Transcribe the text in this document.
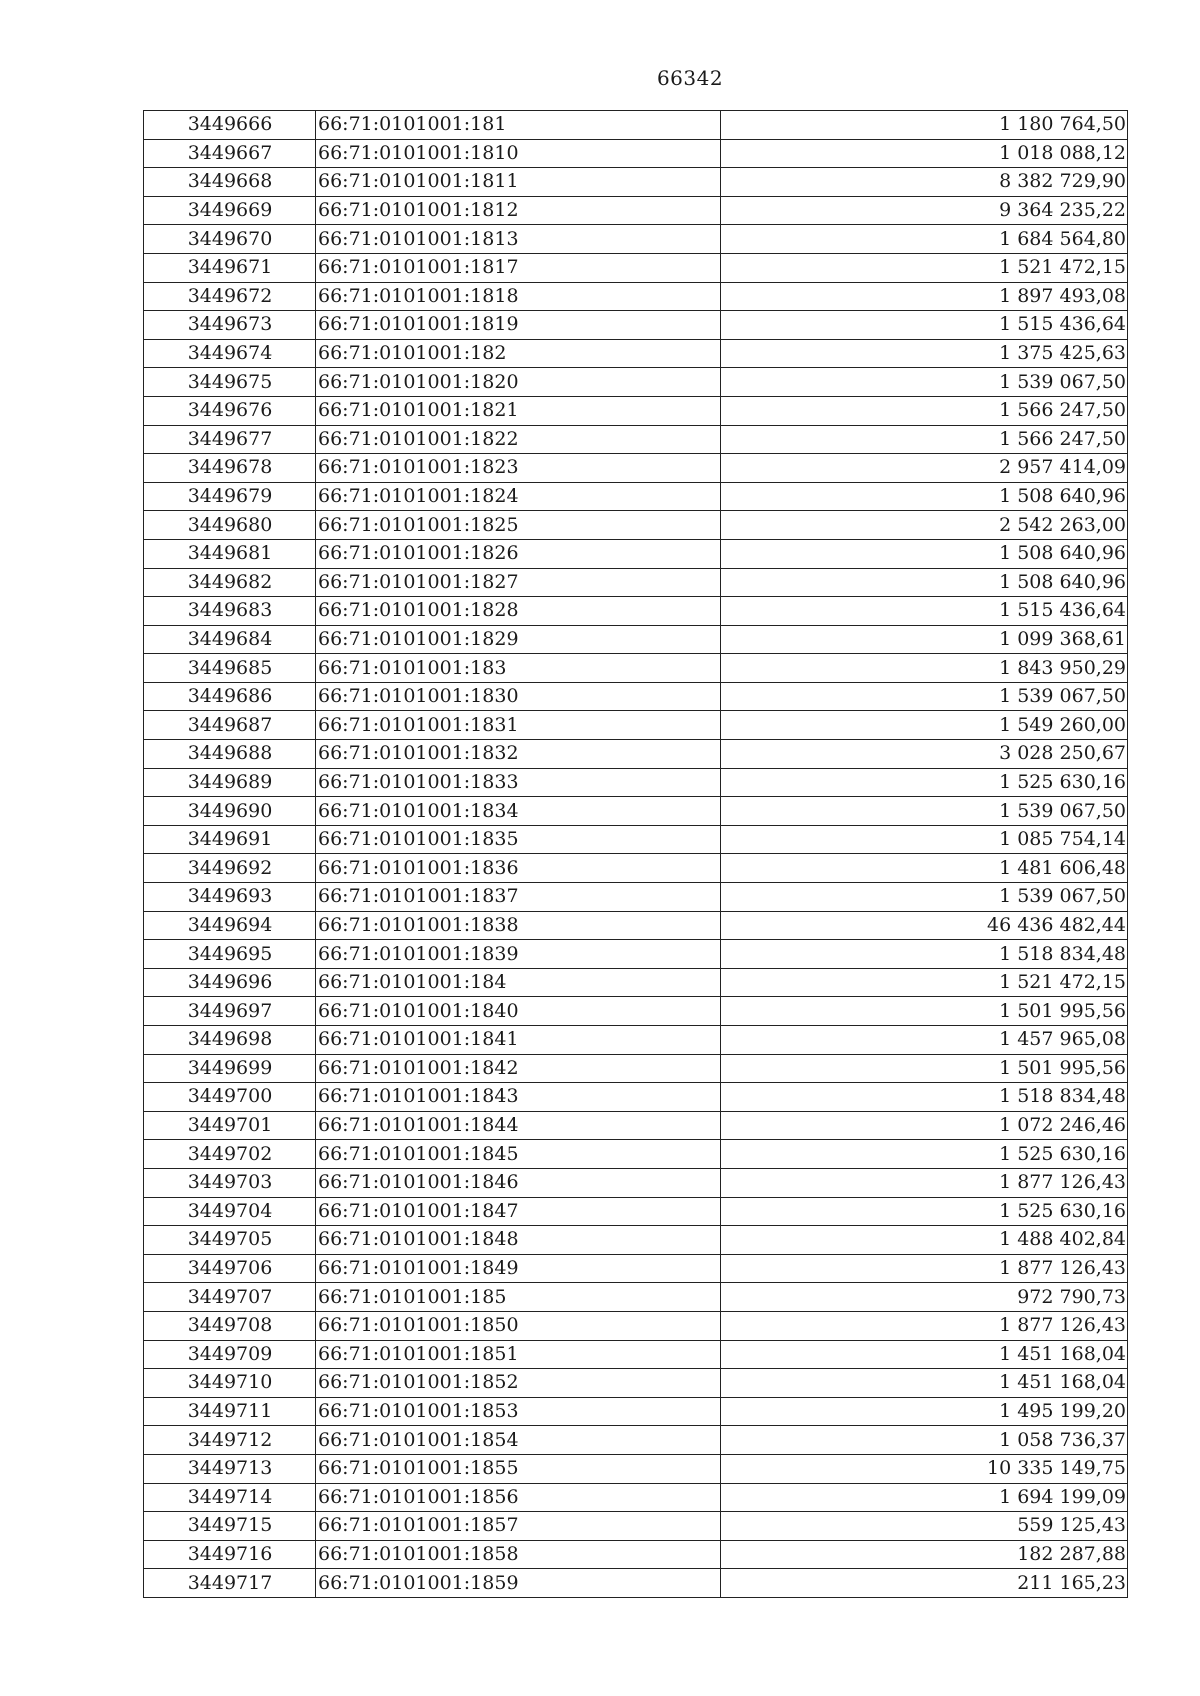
66342
3449666	66:71:0101001:181	1 180 764,50
3449667	66:71:0101001:1810	1 018 088,12
3449668	66:71:0101001:1811	8 382 729,90
3449669	66:71:0101001:1812	9 364 235,22
3449670	66:71:0101001:1813	1 684 564,80
3449671	66:71:0101001:1817	1 521 472,15
3449672	66:71:0101001:1818	1 897 493,08
3449673	66:71:0101001:1819	1 515 436,64
3449674	66:71:0101001:182	1 375 425,63
3449675	66:71:0101001:1820	1 539 067,50
3449676	66:71:0101001:1821	1 566 247,50
3449677	66:71:0101001:1822	1 566 247,50
3449678	66:71:0101001:1823	2 957 414,09
3449679	66:71:0101001:1824	1 508 640,96
3449680	66:71:0101001:1825	2 542 263,00
3449681	66:71:0101001:1826	1 508 640,96
3449682	66:71:0101001:1827	1 508 640,96
3449683	66:71:0101001:1828	1 515 436,64
3449684	66:71:0101001:1829	1 099 368,61
3449685	66:71:0101001:183	1 843 950,29
3449686	66:71:0101001:1830	1 539 067,50
3449687	66:71:0101001:1831	1 549 260,00
3449688	66:71:0101001:1832	3 028 250,67
3449689	66:71:0101001:1833	1 525 630,16
3449690	66:71:0101001:1834	1 539 067,50
3449691	66:71:0101001:1835	1 085 754,14
3449692	66:71:0101001:1836	1 481 606,48
3449693	66:71:0101001:1837	1 539 067,50
3449694	66:71:0101001:1838	46 436 482,44
3449695	66:71:0101001:1839	1 518 834,48
3449696	66:71:0101001:184	1 521 472,15
3449697	66:71:0101001:1840	1 501 995,56
3449698	66:71:0101001:1841	1 457 965,08
3449699	66:71:0101001:1842	1 501 995,56
3449700	66:71:0101001:1843	1 518 834,48
3449701	66:71:0101001:1844	1 072 246,46
3449702	66:71:0101001:1845	1 525 630,16
3449703	66:71:0101001:1846	1 877 126,43
3449704	66:71:0101001:1847	1 525 630,16
3449705	66:71:0101001:1848	1 488 402,84
3449706	66:71:0101001:1849	1 877 126,43
3449707	66:71:0101001:185	972 790,73
3449708	66:71:0101001:1850	1 877 126,43
3449709	66:71:0101001:1851	1 451 168,04
3449710	66:71:0101001:1852	1 451 168,04
3449711	66:71:0101001:1853	1 495 199,20
3449712	66:71:0101001:1854	1 058 736,37
3449713	66:71:0101001:1855	10 335 149,75
3449714	66:71:0101001:1856	1 694 199,09
3449715	66:71:0101001:1857	559 125,43
3449716	66:71:0101001:1858	182 287,88
3449717	66:71:0101001:1859	211 165,23
